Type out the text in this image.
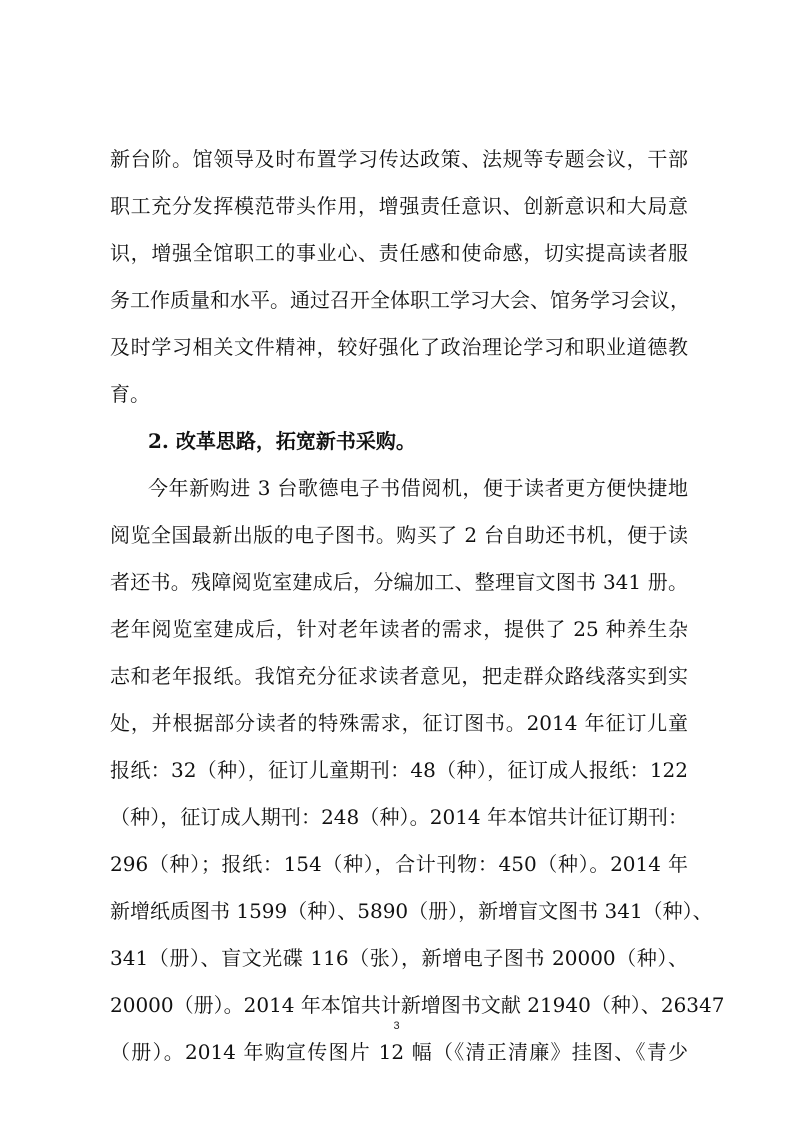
新台阶。馆领导及时布置学习传达政策、法规等专题会议，干部
职工充分发挥模范带头作用，增强责任意识、创新意识和大局意
识，增强全馆职工的事业心、责任感和使命感，切实提高读者服
务工作质量和水平。通过召开全体职工学习大会、馆务学习会议，
及时学习相关文件精神，较好强化了政治理论学习和职业道德教
育。
2. 改革思路，拓宽新书采购。
今年新购进 3 台歌德电子书借阅机，便于读者更方便快捷地
阅览全国最新出版的电子图书。购买了 2 台自助还书机，便于读
者还书。残障阅览室建成后，分编加工、整理盲文图书 341 册。
老年阅览室建成后，针对老年读者的需求，提供了 25 种养生杂
志和老年报纸。我馆充分征求读者意见，把走群众路线落实到实
处，并根据部分读者的特殊需求，征订图书。2014 年征订儿童
报纸：32（种），征订儿童期刊：48（种），征订成人报纸：122
（种），征订成人期刊：248（种）。2014 年本馆共计征订期刊：
296（种）；报纸：154（种），合计刊物：450（种）。2014 年
新增纸质图书 1599（种）、5890（册），新增盲文图书 341（种）、
341（册）、盲文光碟 116（张），新增电子图书 20000（种）、
20000（册）。2014 年本馆共计新增图书文献 21940（种）、26347
（册）。2014 年购宣传图片 12 幅（《清正清廉》挂图、《青少
3
